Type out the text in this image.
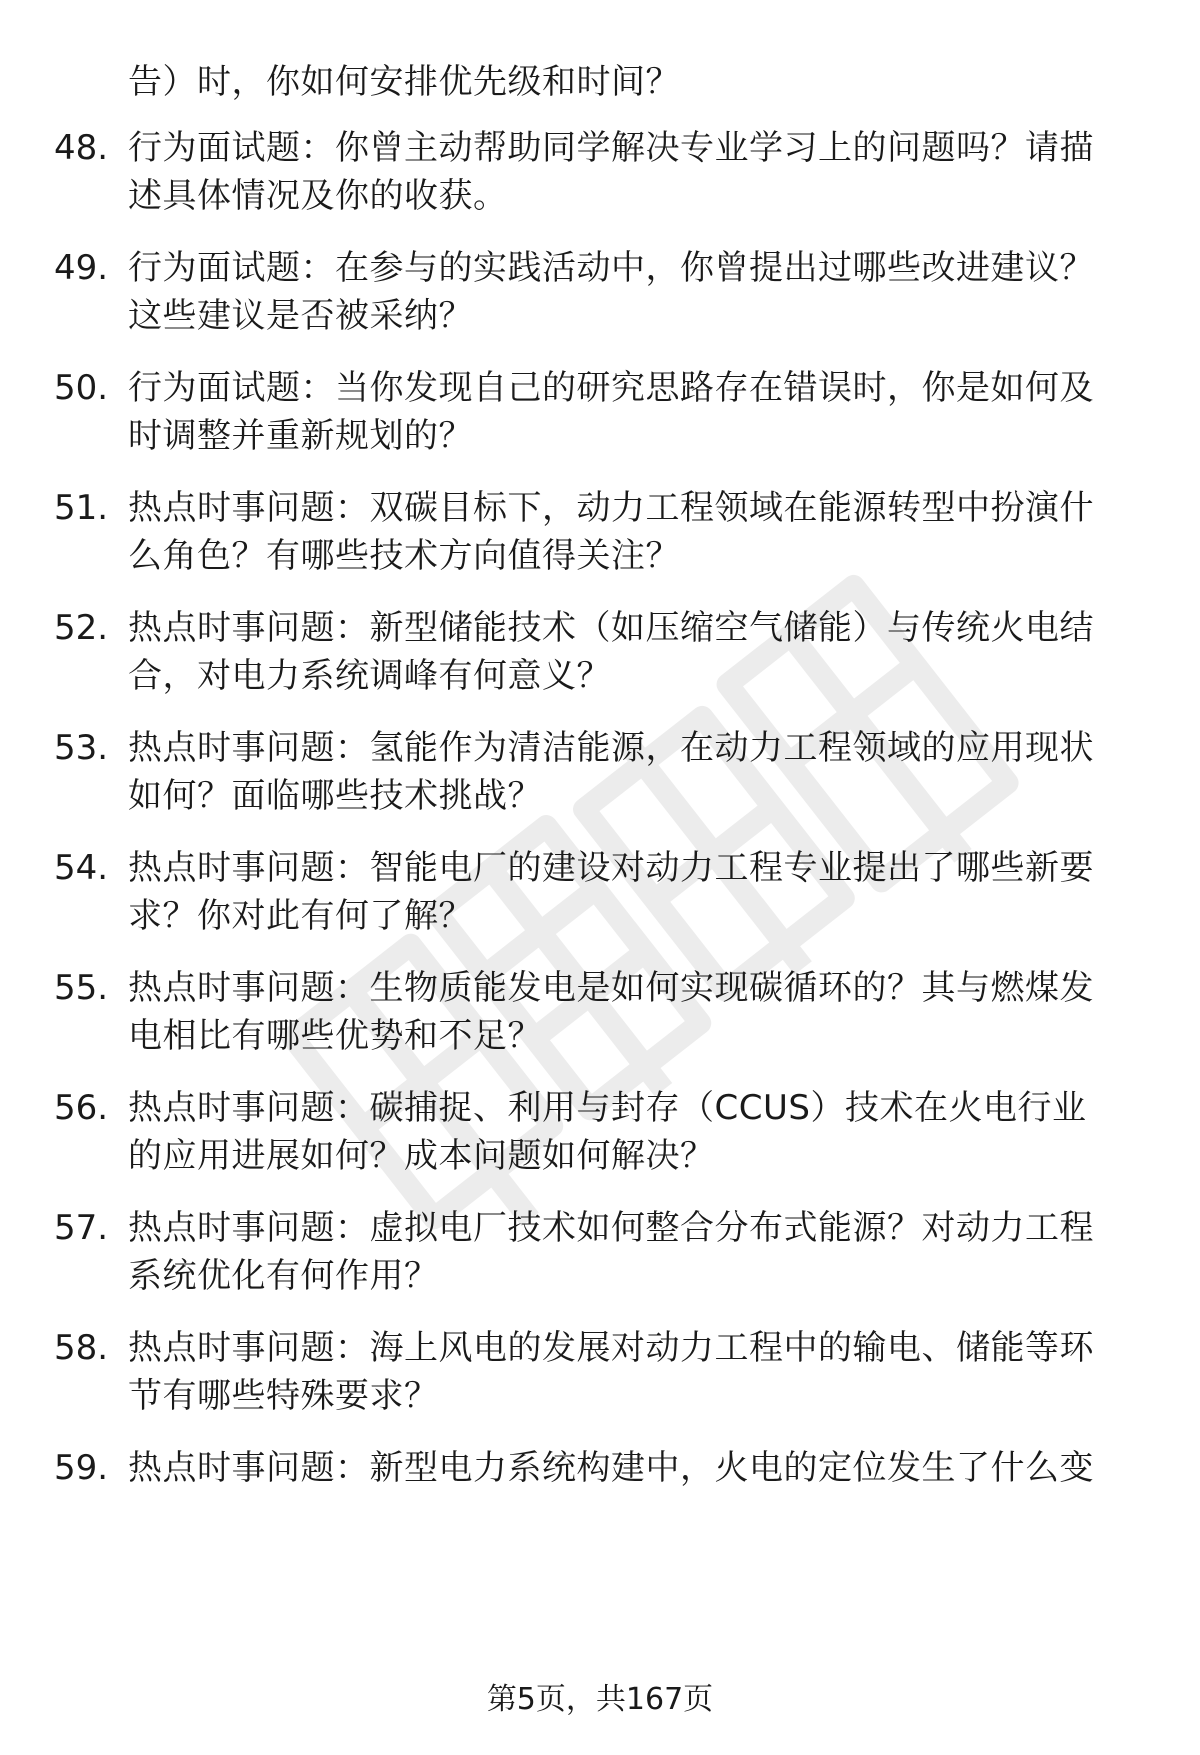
告）时，你如何安排优先级和时间？
48. 行为面试题：你曾主动帮助同学解决专业学习上的问题吗？请描
述具体情况及你的收获。
49. 行为面试题：在参与的实践活动中，你曾提出过哪些改进建议？
这些建议是否被采纳？
50. 行为面试题：当你发现自己的研究思路存在错误时，你是如何及
时调整并重新规划的？
51. 热点时事问题：双碳目标下，动力工程领域在能源转型中扮演什
么角色？有哪些技术方向值得关注？
52. 热点时事问题：新型储能技术（如压缩空气储能）与传统火电结
合，对电力系统调峰有何意义？
53. 热点时事问题：氢能作为清洁能源，在动力工程领域的应用现状
如何？面临哪些技术挑战？
54. 热点时事问题：智能电厂的建设对动力工程专业提出了哪些新要
求？你对此有何了解？
55. 热点时事问题：生物质能发电是如何实现碳循环的？其与燃煤发
电相比有哪些优势和不足？
56. 热点时事问题：碳捕捉、利用与封存（CCUS）技术在火电行业
的应用进展如何？成本问题如何解决？
57. 热点时事问题：虚拟电厂技术如何整合分布式能源？对动力工程
系统优化有何作用？
58. 热点时事问题：海上风电的发展对动力工程中的输电、储能等环
节有哪些特殊要求？
59. 热点时事问题：新型电力系统构建中，火电的定位发生了什么变
第5页，共167页
